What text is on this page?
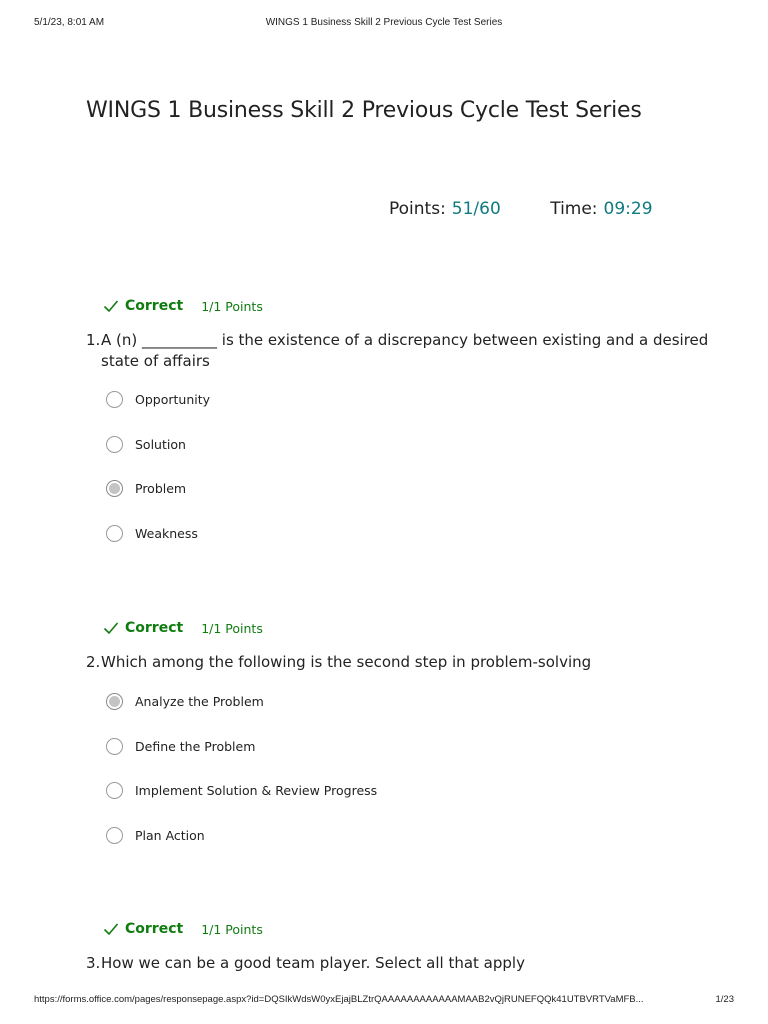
5/1/23, 8:01 AM	WINGS 1 Business Skill 2 Previous Cycle Test Series
WINGS 1 Business Skill 2 Previous Cycle Test Series
Points: 51/60	Time: 09:29
Correct 1/1 Points

1.A (n) __________ is the existence of a discrepancy between existing and a desired state of affairs

Opportunity
Solution
Problem
Weakness
Correct 1/1 Points

2.Which among the following is the second step in problem-solving

Analyze the Problem
Define the Problem
Implement Solution & Review Progress
Plan Action
Correct 1/1 Points

3.How we can be a good team player. Select all that apply

https://forms.office.com/pages/responsepage.aspx?id=DQSIkWdsW0yxEjajBLZtrQAAAAAAAAAAAAMAAB2vQjRUNEFQQk41UTBVRTVaMFB...	1/23
